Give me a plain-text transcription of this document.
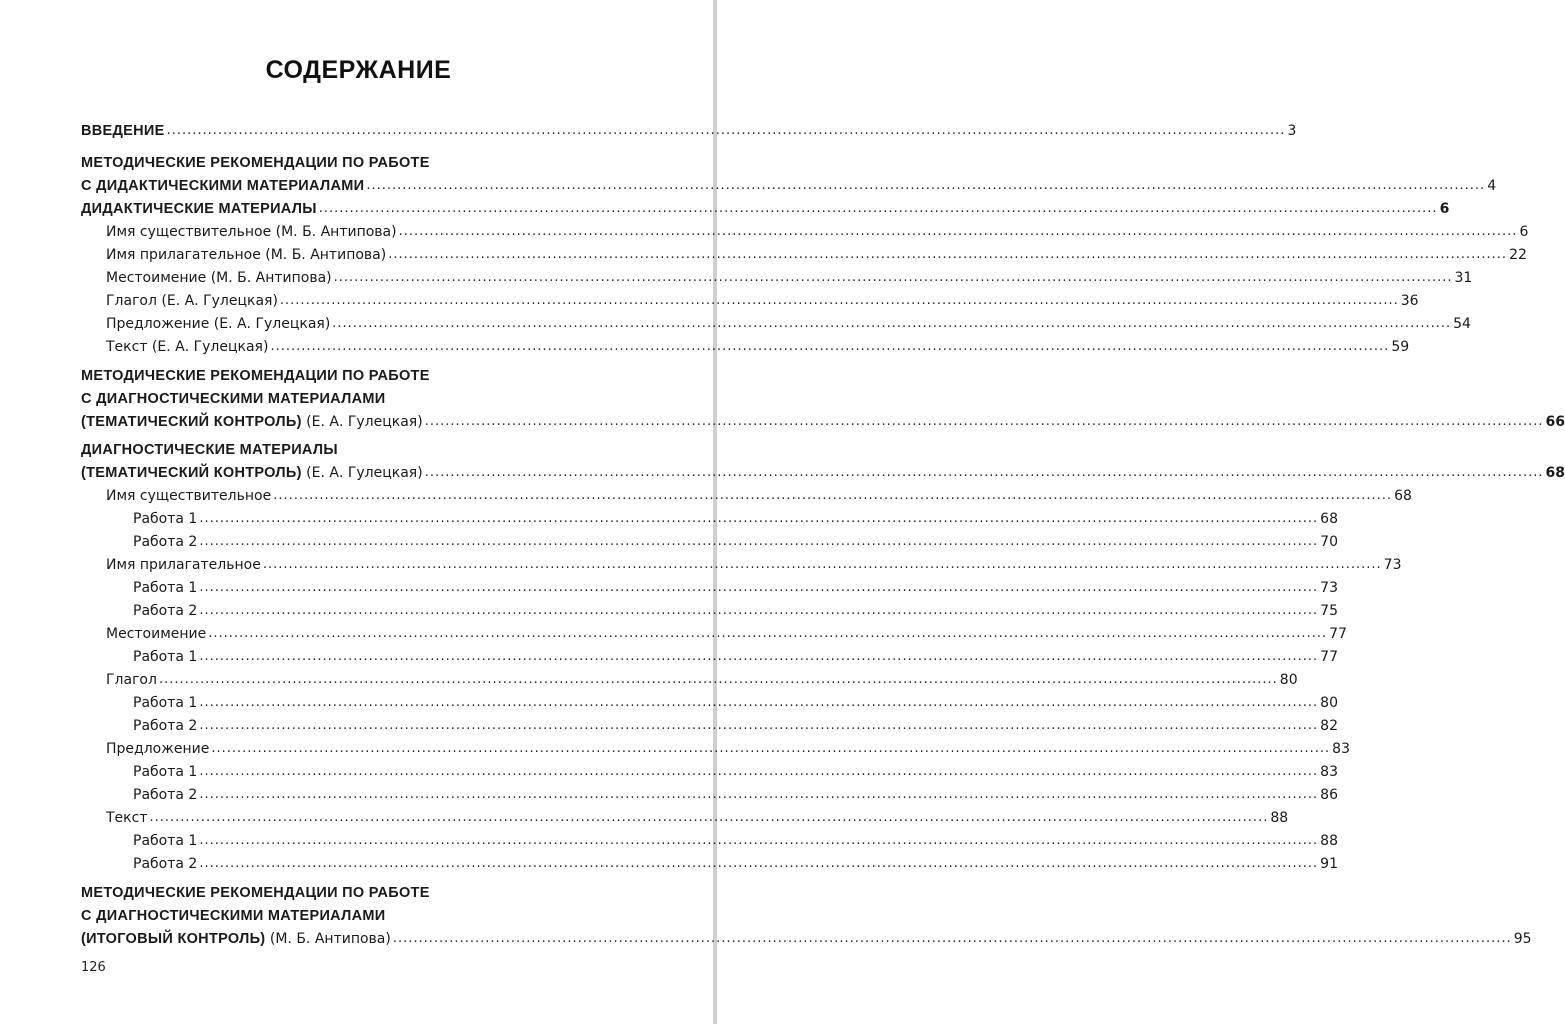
СОДЕРЖАНИЕ
ВВЕДЕНИЕ .......................................................................................................................................................................................................................... 3
МЕТОДИЧЕСКИЕ РЕКОМЕНДАЦИИ ПО РАБОТЕ
С ДИДАКТИЧЕСКИМИ МАТЕРИАЛАМИ .......................................................................................................................................................................................................................... 4
ДИДАКТИЧЕСКИЕ МАТЕРИАЛЫ .......................................................................................................................................................................................................................... 6
Имя существительное (М. Б. Антипова) .......................................................................................................................................................................................................................... 6
Имя прилагательное (М. Б. Антипова) .......................................................................................................................................................................................................................... 22
Местоимение (М. Б. Антипова) .......................................................................................................................................................................................................................... 31
Глагол (Е. А. Гулецкая) .......................................................................................................................................................................................................................... 36
Предложение (Е. А. Гулецкая) .......................................................................................................................................................................................................................... 54
Текст (Е. А. Гулецкая) .......................................................................................................................................................................................................................... 59
МЕТОДИЧЕСКИЕ РЕКОМЕНДАЦИИ ПО РАБОТЕ
С ДИАГНОСТИЧЕСКИМИ МАТЕРИАЛАМИ
(ТЕМАТИЧЕСКИЙ КОНТРОЛЬ) (Е. А. Гулецкая) .......................................................................................................................................................................................................................... 66
ДИАГНОСТИЧЕСКИЕ МАТЕРИАЛЫ
(ТЕМАТИЧЕСКИЙ КОНТРОЛЬ) (Е. А. Гулецкая) .......................................................................................................................................................................................................................... 68
Имя существительное .......................................................................................................................................................................................................................... 68
Работа 1 .......................................................................................................................................................................................................................... 68
Работа 2 .......................................................................................................................................................................................................................... 70
Имя прилагательное .......................................................................................................................................................................................................................... 73
Работа 1 .......................................................................................................................................................................................................................... 73
Работа 2 .......................................................................................................................................................................................................................... 75
Местоимение .......................................................................................................................................................................................................................... 77
Работа 1 .......................................................................................................................................................................................................................... 77
Глагол .......................................................................................................................................................................................................................... 80
Работа 1 .......................................................................................................................................................................................................................... 80
Работа 2 .......................................................................................................................................................................................................................... 82
Предложение .......................................................................................................................................................................................................................... 83
Работа 1 .......................................................................................................................................................................................................................... 83
Работа 2 .......................................................................................................................................................................................................................... 86
Текст .......................................................................................................................................................................................................................... 88
Работа 1 .......................................................................................................................................................................................................................... 88
Работа 2 .......................................................................................................................................................................................................................... 91
МЕТОДИЧЕСКИЕ РЕКОМЕНДАЦИИ ПО РАБОТЕ
С ДИАГНОСТИЧЕСКИМИ МАТЕРИАЛАМИ
(ИТОГОВЫЙ КОНТРОЛЬ) (М. Б. Антипова) .......................................................................................................................................................................................................................... 95
126
